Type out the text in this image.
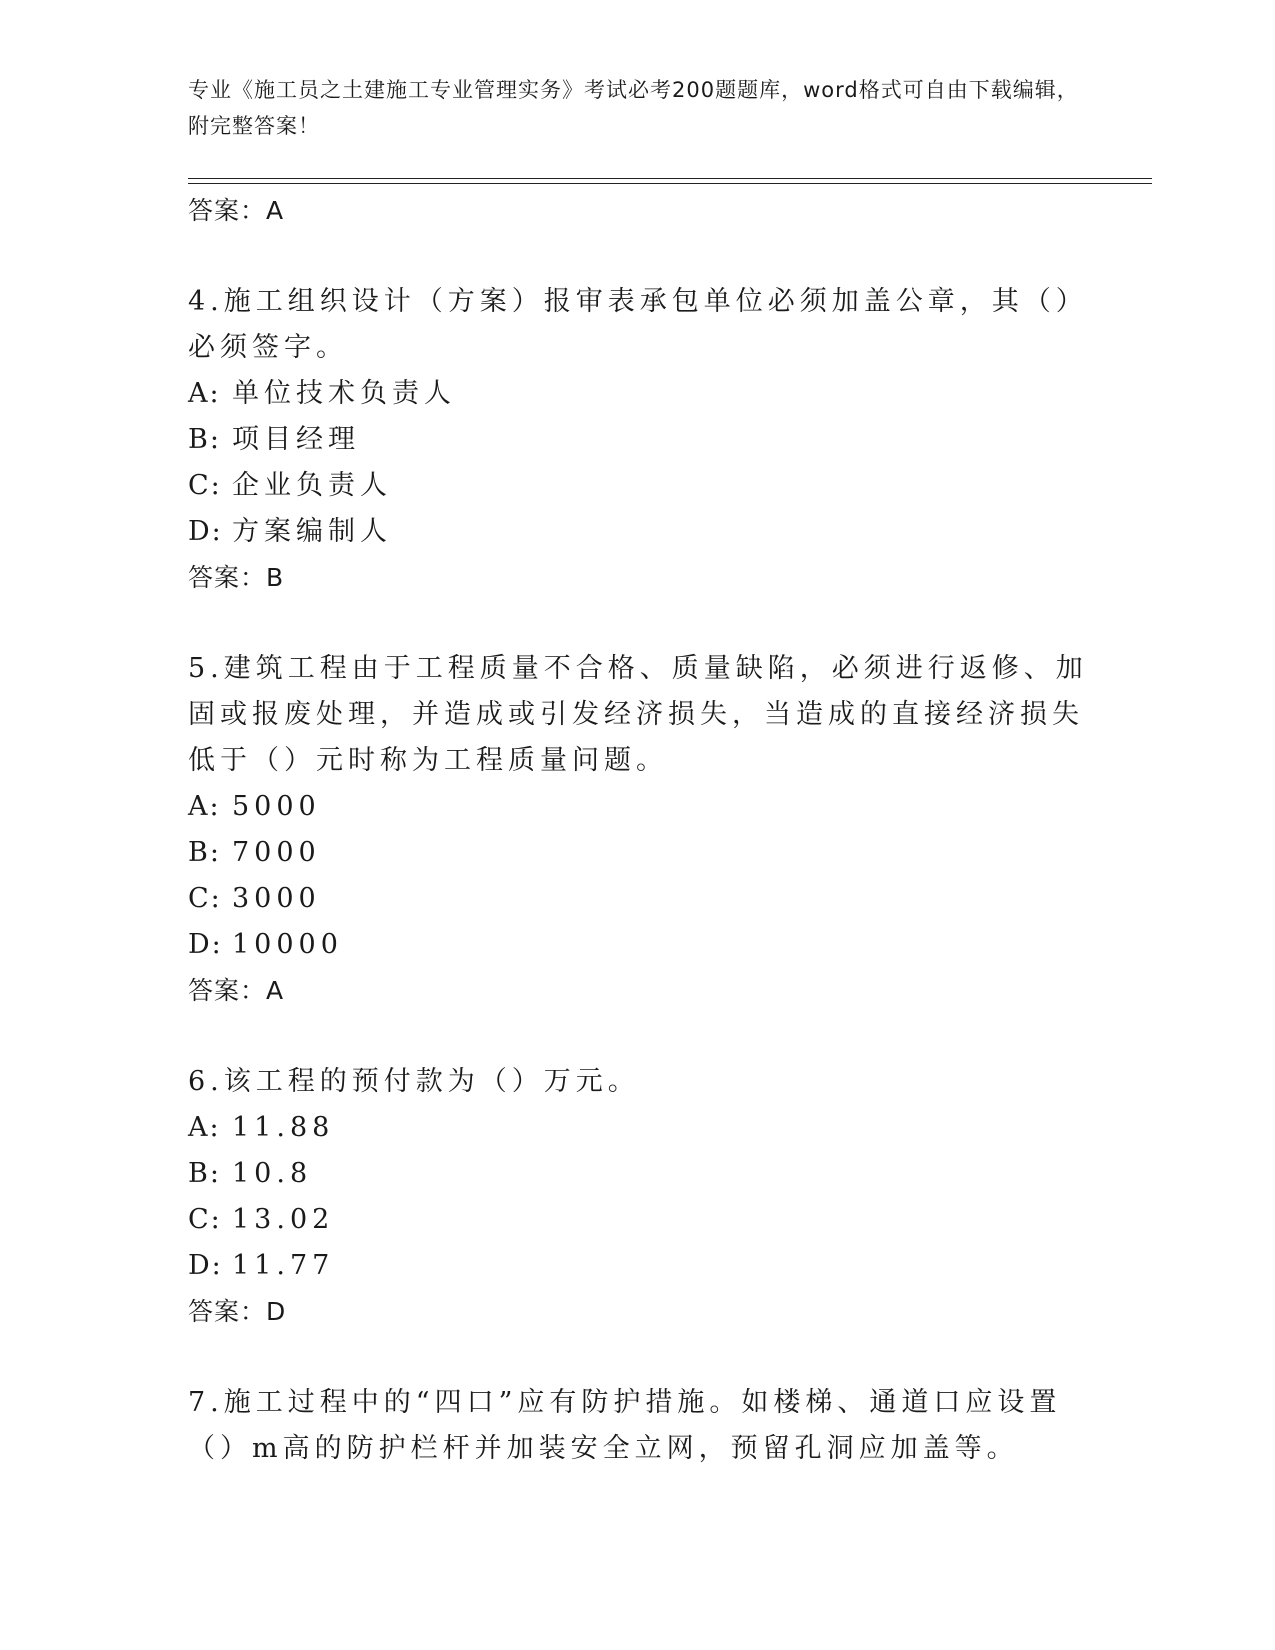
专业《施工员之土建施工专业管理实务》考试必考200题题库，word格式可自由下载编辑，附完整答案！
答案：A
4.施工组织设计（方案）报审表承包单位必须加盖公章，其（）必须签字。
A: 单位技术负责人
B: 项目经理
C: 企业负责人
D: 方案编制人
答案：B
5.建筑工程由于工程质量不合格、质量缺陷，必须进行返修、加固或报废处理，并造成或引发经济损失，当造成的直接经济损失低于（）元时称为工程质量问题。
A: 5000
B: 7000
C: 3000
D: 10000
答案：A
6.该工程的预付款为（）万元。
A: 11.88
B: 10.8
C: 13.02
D: 11.77
答案：D
7.施工过程中的“四口”应有防护措施。如楼梯、通道口应设置（）m高的防护栏杆并加装安全立网，预留孔洞应加盖等。
